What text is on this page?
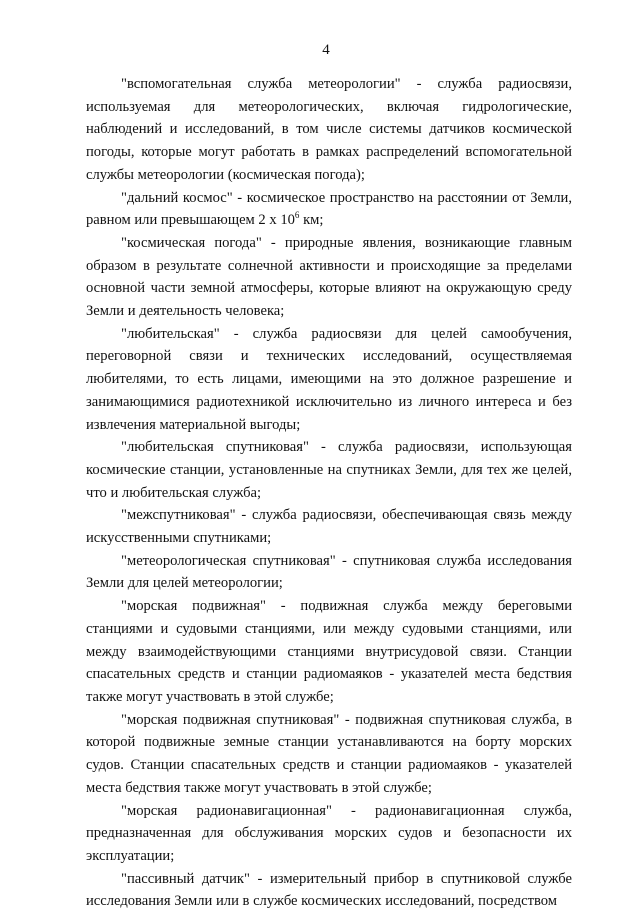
4

"вспомогательная служба метеорологии" - служба радиосвязи, используемая для метеорологических, включая гидрологические, наблюдений и исследований, в том числе системы датчиков космической погоды, которые могут работать в рамках распределений вспомогательной службы метеорологии (космическая погода);

"дальний космос" - космическое пространство на расстоянии от Земли, равном или превышающем 2 x $10^6$ км;

"космическая погода" - природные явления, возникающие главным образом в результате солнечной активности и происходящие за пределами основной части земной атмосферы, которые влияют на окружающую среду Земли и деятельность человека;

"любительская" - служба радиосвязи для целей самообучения, переговорной связи и технических исследований, осуществляемая любителями, то есть лицами, имеющими на это должное разрешение и занимающимися радиотехникой исключительно из личного интереса и без извлечения материальной выгоды;

"любительская спутниковая" - служба радиосвязи, использующая космические станции, установленные на спутниках Земли, для тех же целей, что и любительская служба;

"межспутниковая" - служба радиосвязи, обеспечивающая связь между искусственными спутниками;

"метеорологическая спутниковая" - спутниковая служба исследования Земли для целей метеорологии;

"морская подвижная" - подвижная служба между береговыми станциями и судовыми станциями, или между судовыми станциями, или между взаимодействующими станциями внутрисудовой связи. Станции спасательных средств и станции радиомаяков - указателей места бедствия также могут участвовать в этой службе;

"морская подвижная спутниковая" - подвижная спутниковая служба, в которой подвижные земные станции устанавливаются на борту морских судов. Станции спасательных средств и станции радиомаяков - указателей места бедствия также могут участвовать в этой службе;

"морская радионавигационная" - радионавигационная служба, предназначенная для обслуживания морских судов и безопасности их эксплуатации;

"пассивный датчик" - измерительный прибор в спутниковой службе исследования Земли или в службе космических исследований, посредством
